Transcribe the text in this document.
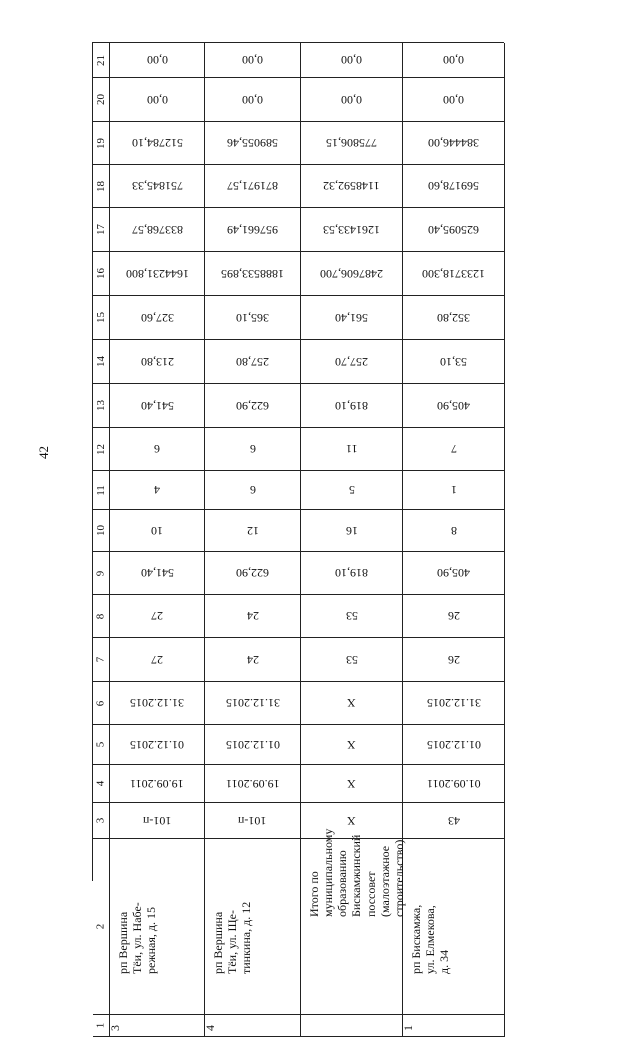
42
21
20
19
18
17
16
15
14
13
12
11
10
9
8
7
6
5
4
3
2
1
0,00
0,00
512784,10
751845,33
833768,57
1644231,800
327,60
213,80
541,40
6
4
10
541,40
27
27
31.12.2015
01.12.2015
19.09.2011
101-п
рп Вершина
Тёи, ул. Набе-
режная, д. 15
3
0,00
0,00
589055,46
871971,57
957661,49
1888533,895
365,10
257,80
622,90
6
6
12
622,90
24
24
31.12.2015
01.12.2015
19.09.2011
101-п
рп Вершина
Тёи, ул. Ще-
тинкина, д. 12
4
0,00
0,00
775806,15
1148592,32
1261433,53
2487606,700
561,40
257,70
819,10
11
5
16
819,10
53
53
Х
Х
Х
Х
Итого по
муниципальному
образованию
Бискамжинский
поссовет
(малоэтажное
строительство)
0,00
0,00
384446,00
569178,60
625095,40
1233718,300
352,80
53,10
405,90
7
1
8
405,90
26
26
31.12.2015
01.12.2015
01.09.2011
43
рп Бискамжа,
ул. Елмекова,
д. 34
1
